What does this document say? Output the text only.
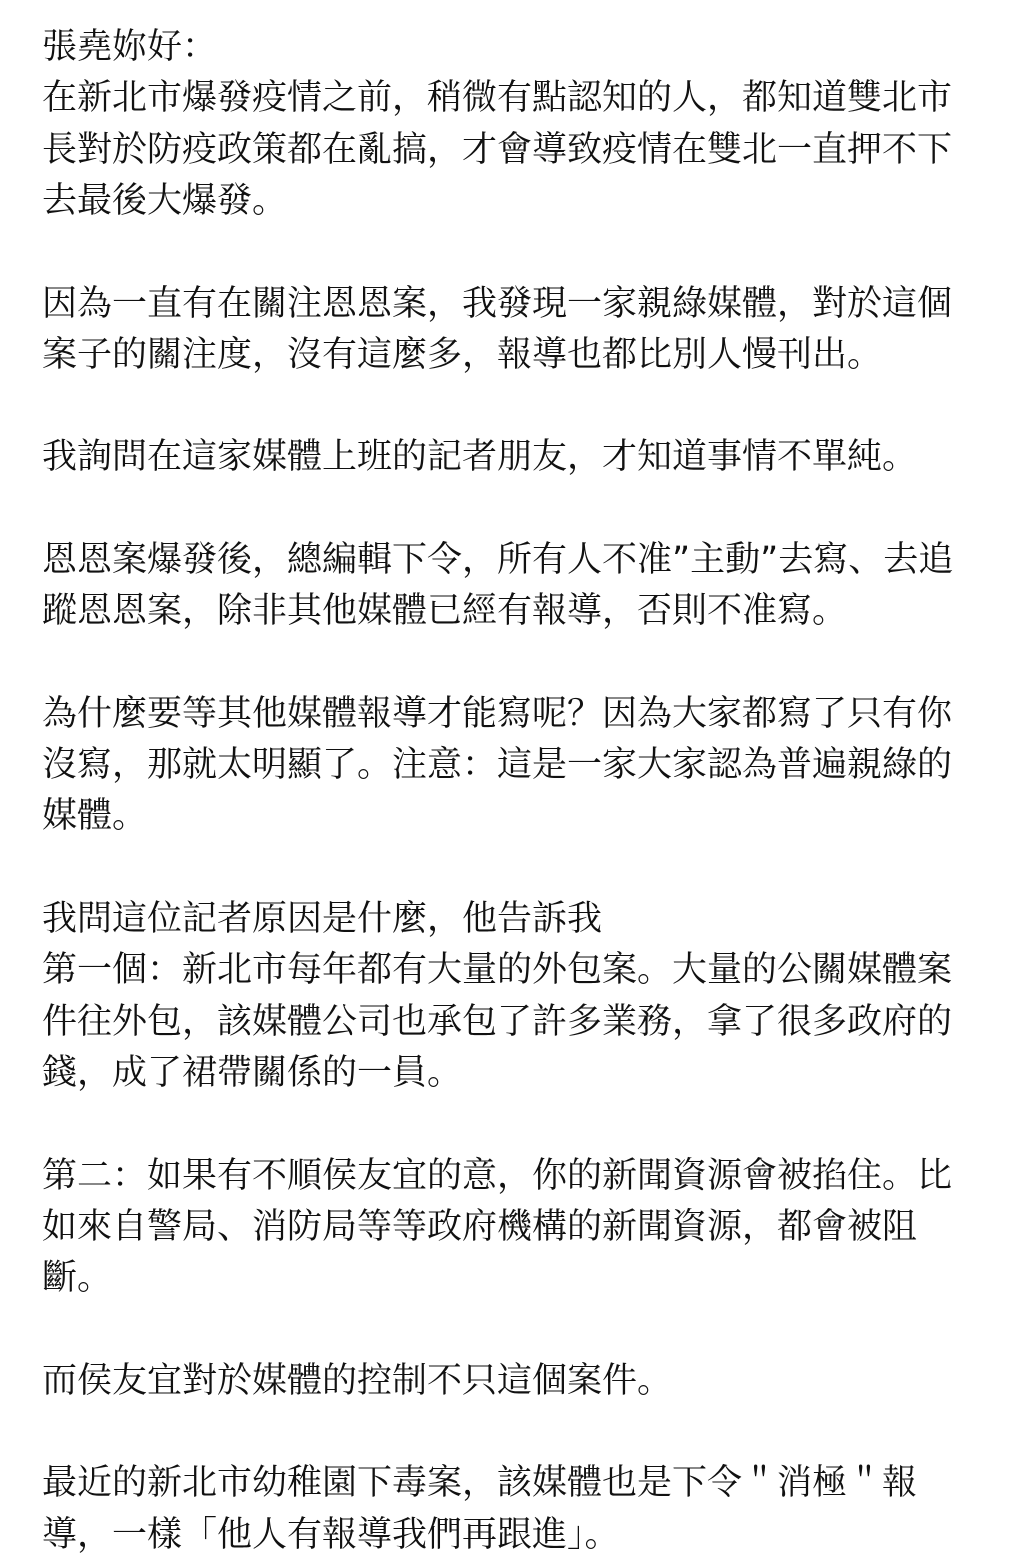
張堯妳好：
在新北市爆發疫情之前，稍微有點認知的人，都知道雙北市
長對於防疫政策都在亂搞，才會導致疫情在雙北一直押不下
去最後大爆發。
因為一直有在關注恩恩案，我發現一家親綠媒體，對於這個
案子的關注度，沒有這麼多，報導也都比別人慢刊出。
我詢問在這家媒體上班的記者朋友，才知道事情不單純。
恩恩案爆發後，總編輯下令，所有人不准”主動”去寫、去追
蹤恩恩案，除非其他媒體已經有報導，否則不准寫。
為什麼要等其他媒體報導才能寫呢？因為大家都寫了只有你
沒寫，那就太明顯了。注意：這是一家大家認為普遍親綠的
媒體。
我問這位記者原因是什麼，他告訴我
第一個：新北市每年都有大量的外包案。大量的公關媒體案
件往外包，該媒體公司也承包了許多業務，拿了很多政府的
錢，成了裙帶關係的一員。
第二：如果有不順侯友宜的意，你的新聞資源會被掐住。比
如來自警局、消防局等等政府機構的新聞資源，都會被阻
斷。
而侯友宜對於媒體的控制不只這個案件。
最近的新北市幼稚園下毒案，該媒體也是下令＂消極＂報
導，一樣「他人有報導我們再跟進」。
